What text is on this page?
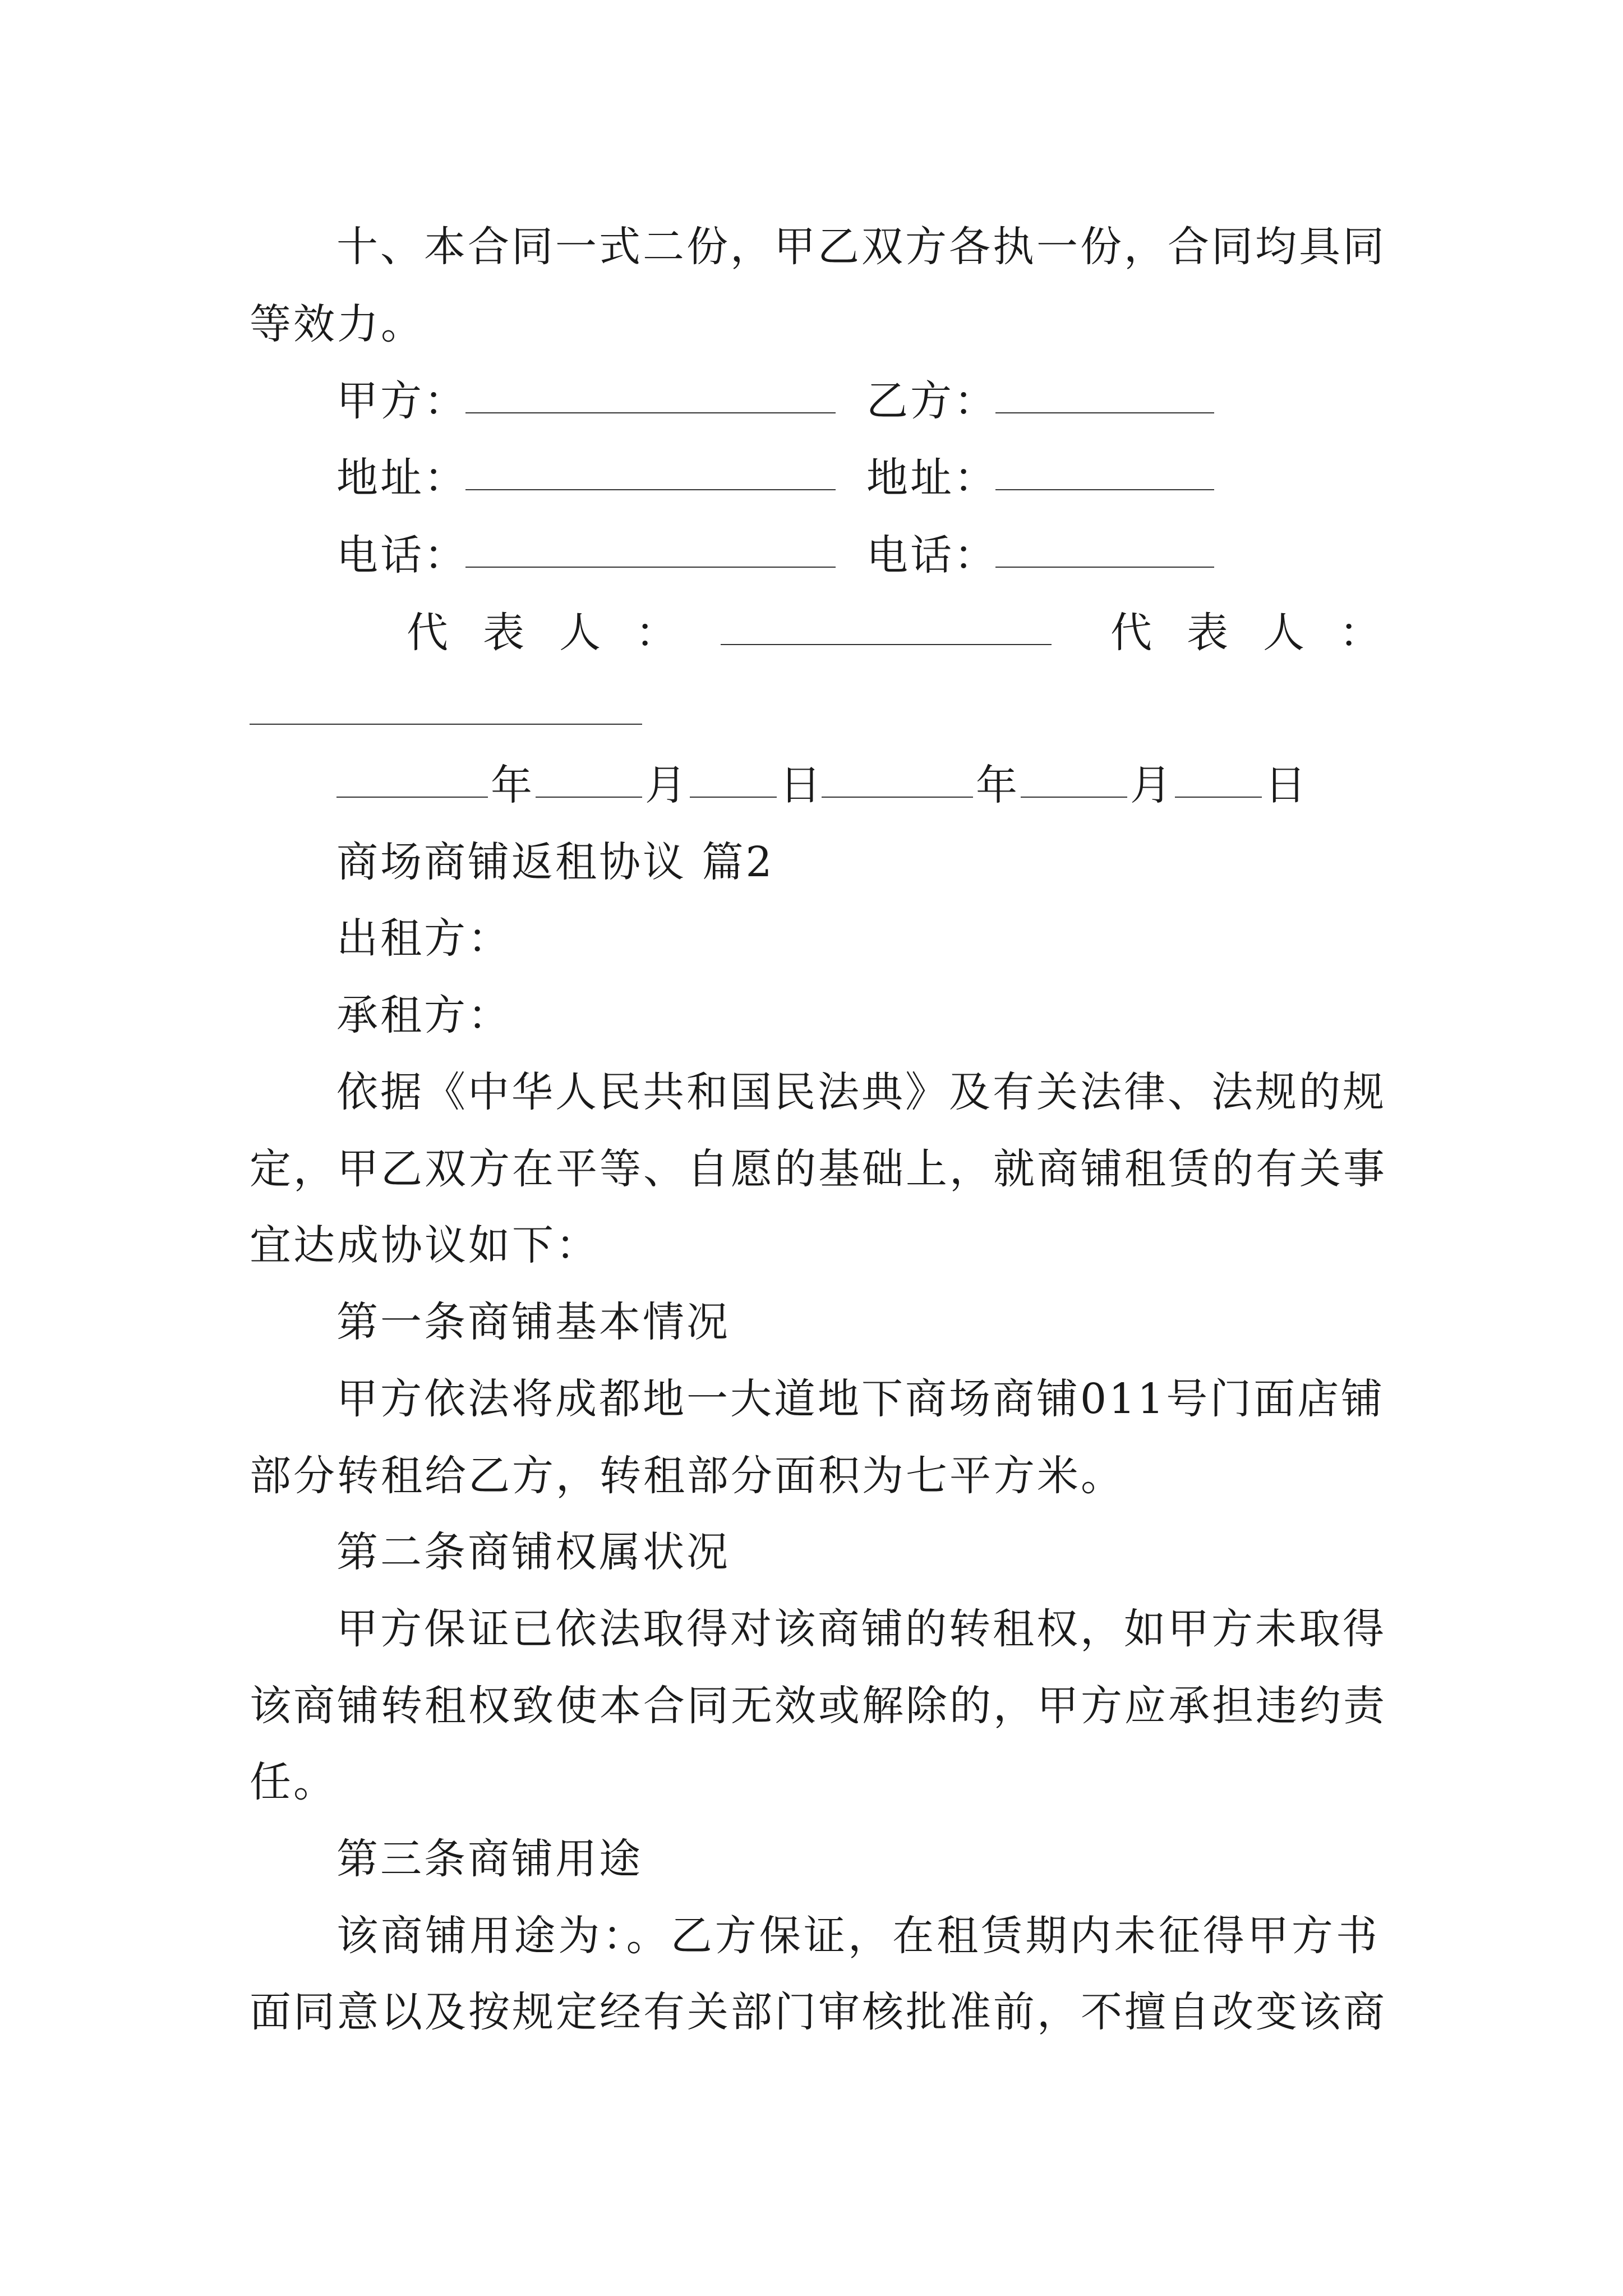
十、本合同一式二份，甲乙双方各执一份，合同均具同
等效力。
甲方：	乙方：
地址：	地址：
电话：	电话：
代表人：	代表人：
年	月 日	年	月 日
商场商铺返租协议 篇2
出租方：
承租方：
依据《中华人民共和国民法典》及有关法律、法规的规
定，甲乙双方在平等、自愿的基础上，就商铺租赁的有关事
宜达成协议如下：
第一条商铺基本情况
甲方依法将成都地一大道地下商场商铺011号门面店铺
部分转租给乙方，转租部分面积为七平方米。
第二条商铺权属状况
甲方保证已依法取得对该商铺的转租权，如甲方未取得
该商铺转租权致使本合同无效或解除的，甲方应承担违约责
任。
第三条商铺用途
该商铺用途为：。乙方保证，在租赁期内未征得甲方书
面同意以及按规定经有关部门审核批准前，不擅自改变该商
